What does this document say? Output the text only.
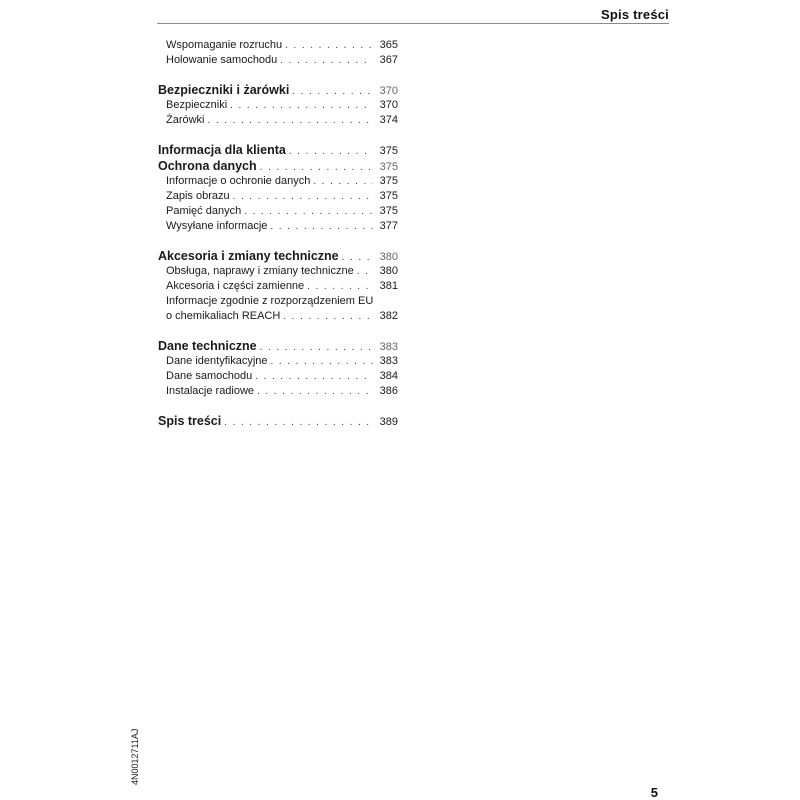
Spis treści
Wspomaganie rozruchu . . .	365
Holowanie samochodu . . .	367
Bezpieczniki i żarówki . . .	370
Bezpieczniki . . .	370
Żarówki . . .	374
Informacja dla klienta . . .	375
Ochrona danych . . .	375
Informacje o ochronie danych . . .	375
Zapis obrazu . . .	375
Pamięć danych . . .	375
Wysyłane informacje . . .	377
Akcesoria i zmiany techniczne . . .	380
Obsługa, naprawy i zmiany techniczne . . .	380
Akcesoria i części zamienne . . .	381
Informacje zgodnie z rozporządzeniem EU
o chemikaliach REACH . . .	382
Dane techniczne . . .	383
Dane identyfikacyjne . . .	383
Dane samochodu . . .	384
Instalacje radiowe . . .	386
Spis treści . . .	389
4N0012711AJ
5
